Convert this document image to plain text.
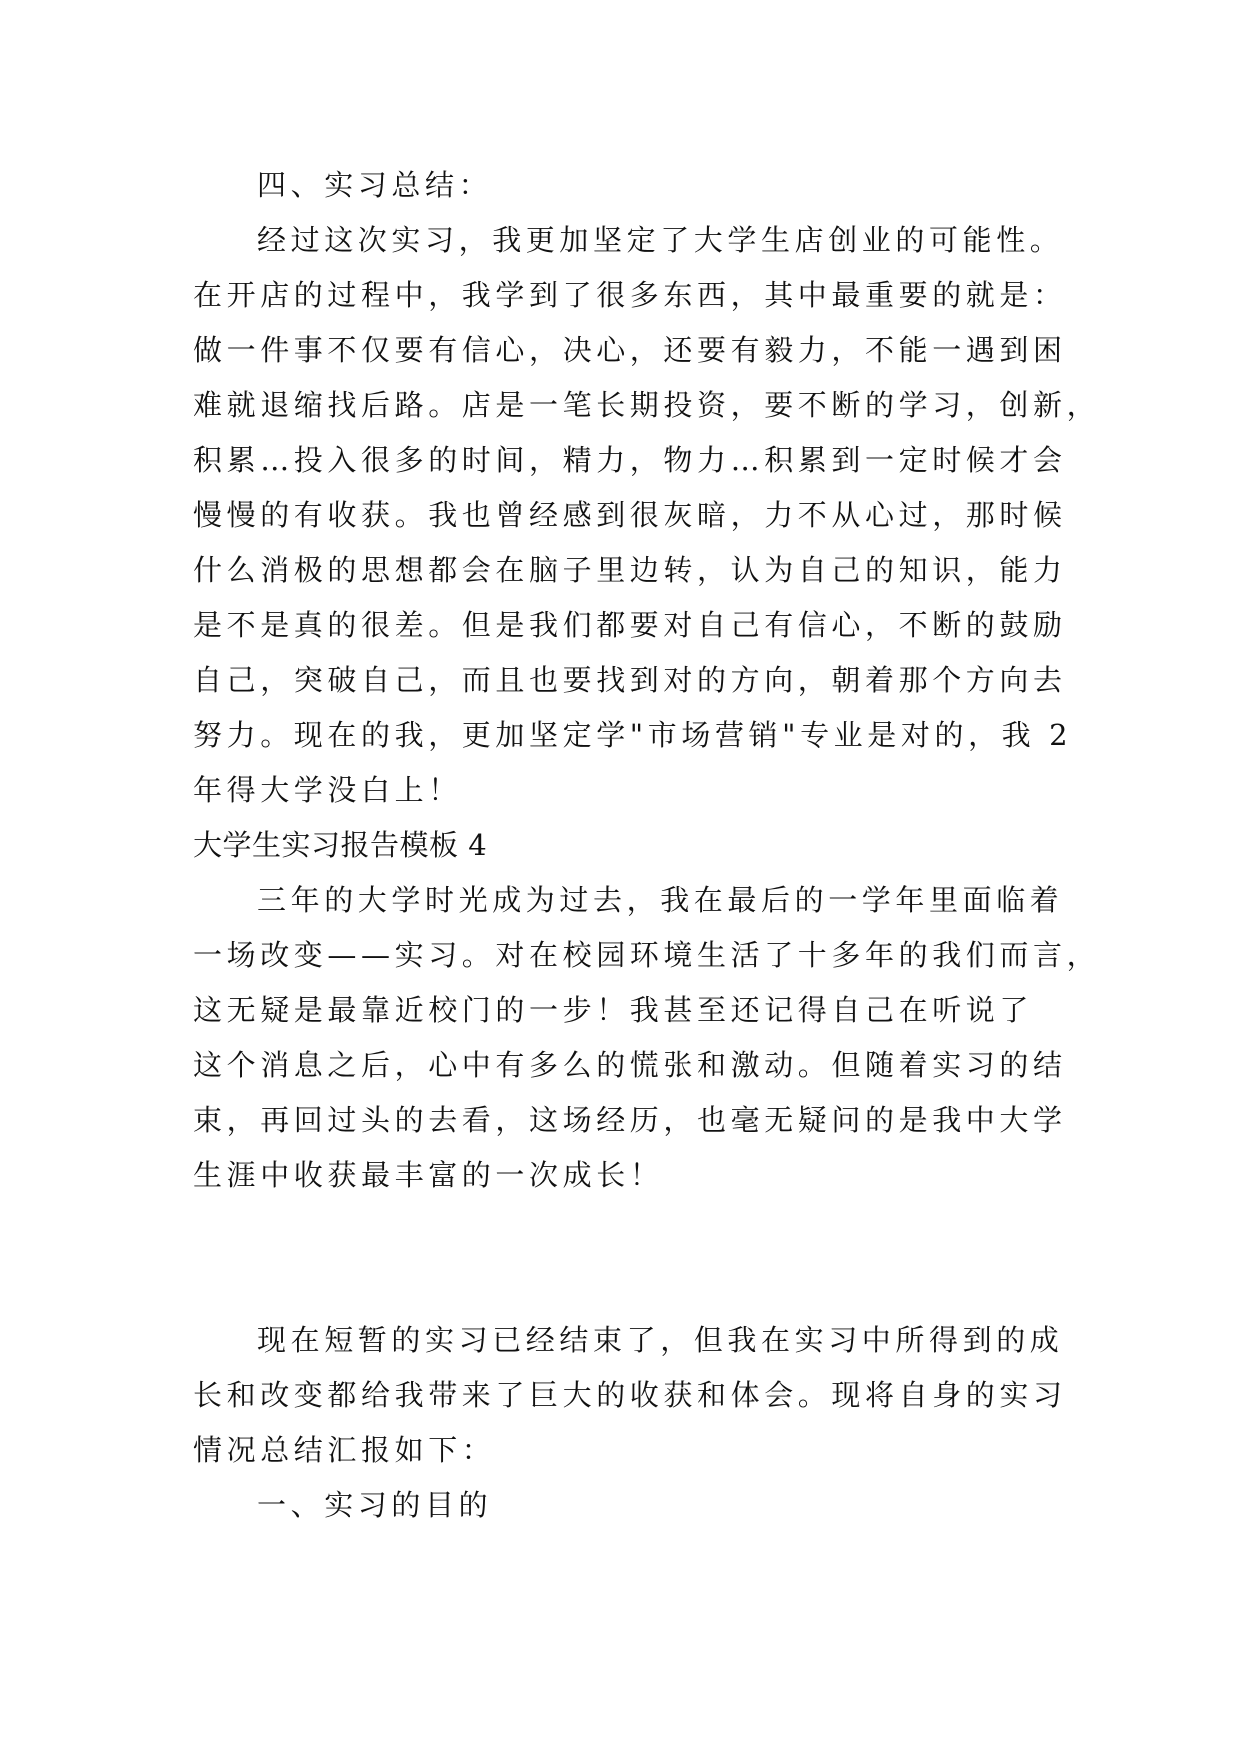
四、实习总结：
经过这次实习，我更加坚定了大学生店创业的可能性。
在开店的过程中，我学到了很多东西，其中最重要的就是：
做一件事不仅要有信心，决心，还要有毅力，不能一遇到困
难就退缩找后路。店是一笔长期投资，要不断的学习，创新，
积累…投入很多的时间，精力，物力…积累到一定时候才会
慢慢的有收获。我也曾经感到很灰暗，力不从心过，那时候
什么消极的思想都会在脑子里边转，认为自己的知识，能力
是不是真的很差。但是我们都要对自己有信心，不断的鼓励
自己，突破自己，而且也要找到对的方向，朝着那个方向去
努力。现在的我，更加坚定学"市场营销"专业是对的，我 2
年得大学没白上！
大学生实习报告模板 4
三年的大学时光成为过去，我在最后的一学年里面临着
一场改变——实习。对在校园环境生活了十多年的我们而言，
这无疑是最靠近校门的一步！我甚至还记得自己在听说了
这个消息之后，心中有多么的慌张和激动。但随着实习的结
束，再回过头的去看，这场经历，也毫无疑问的是我中大学
生涯中收获最丰富的一次成长！
现在短暂的实习已经结束了，但我在实习中所得到的成
长和改变都给我带来了巨大的收获和体会。现将自身的实习
情况总结汇报如下：
一、实习的目的
